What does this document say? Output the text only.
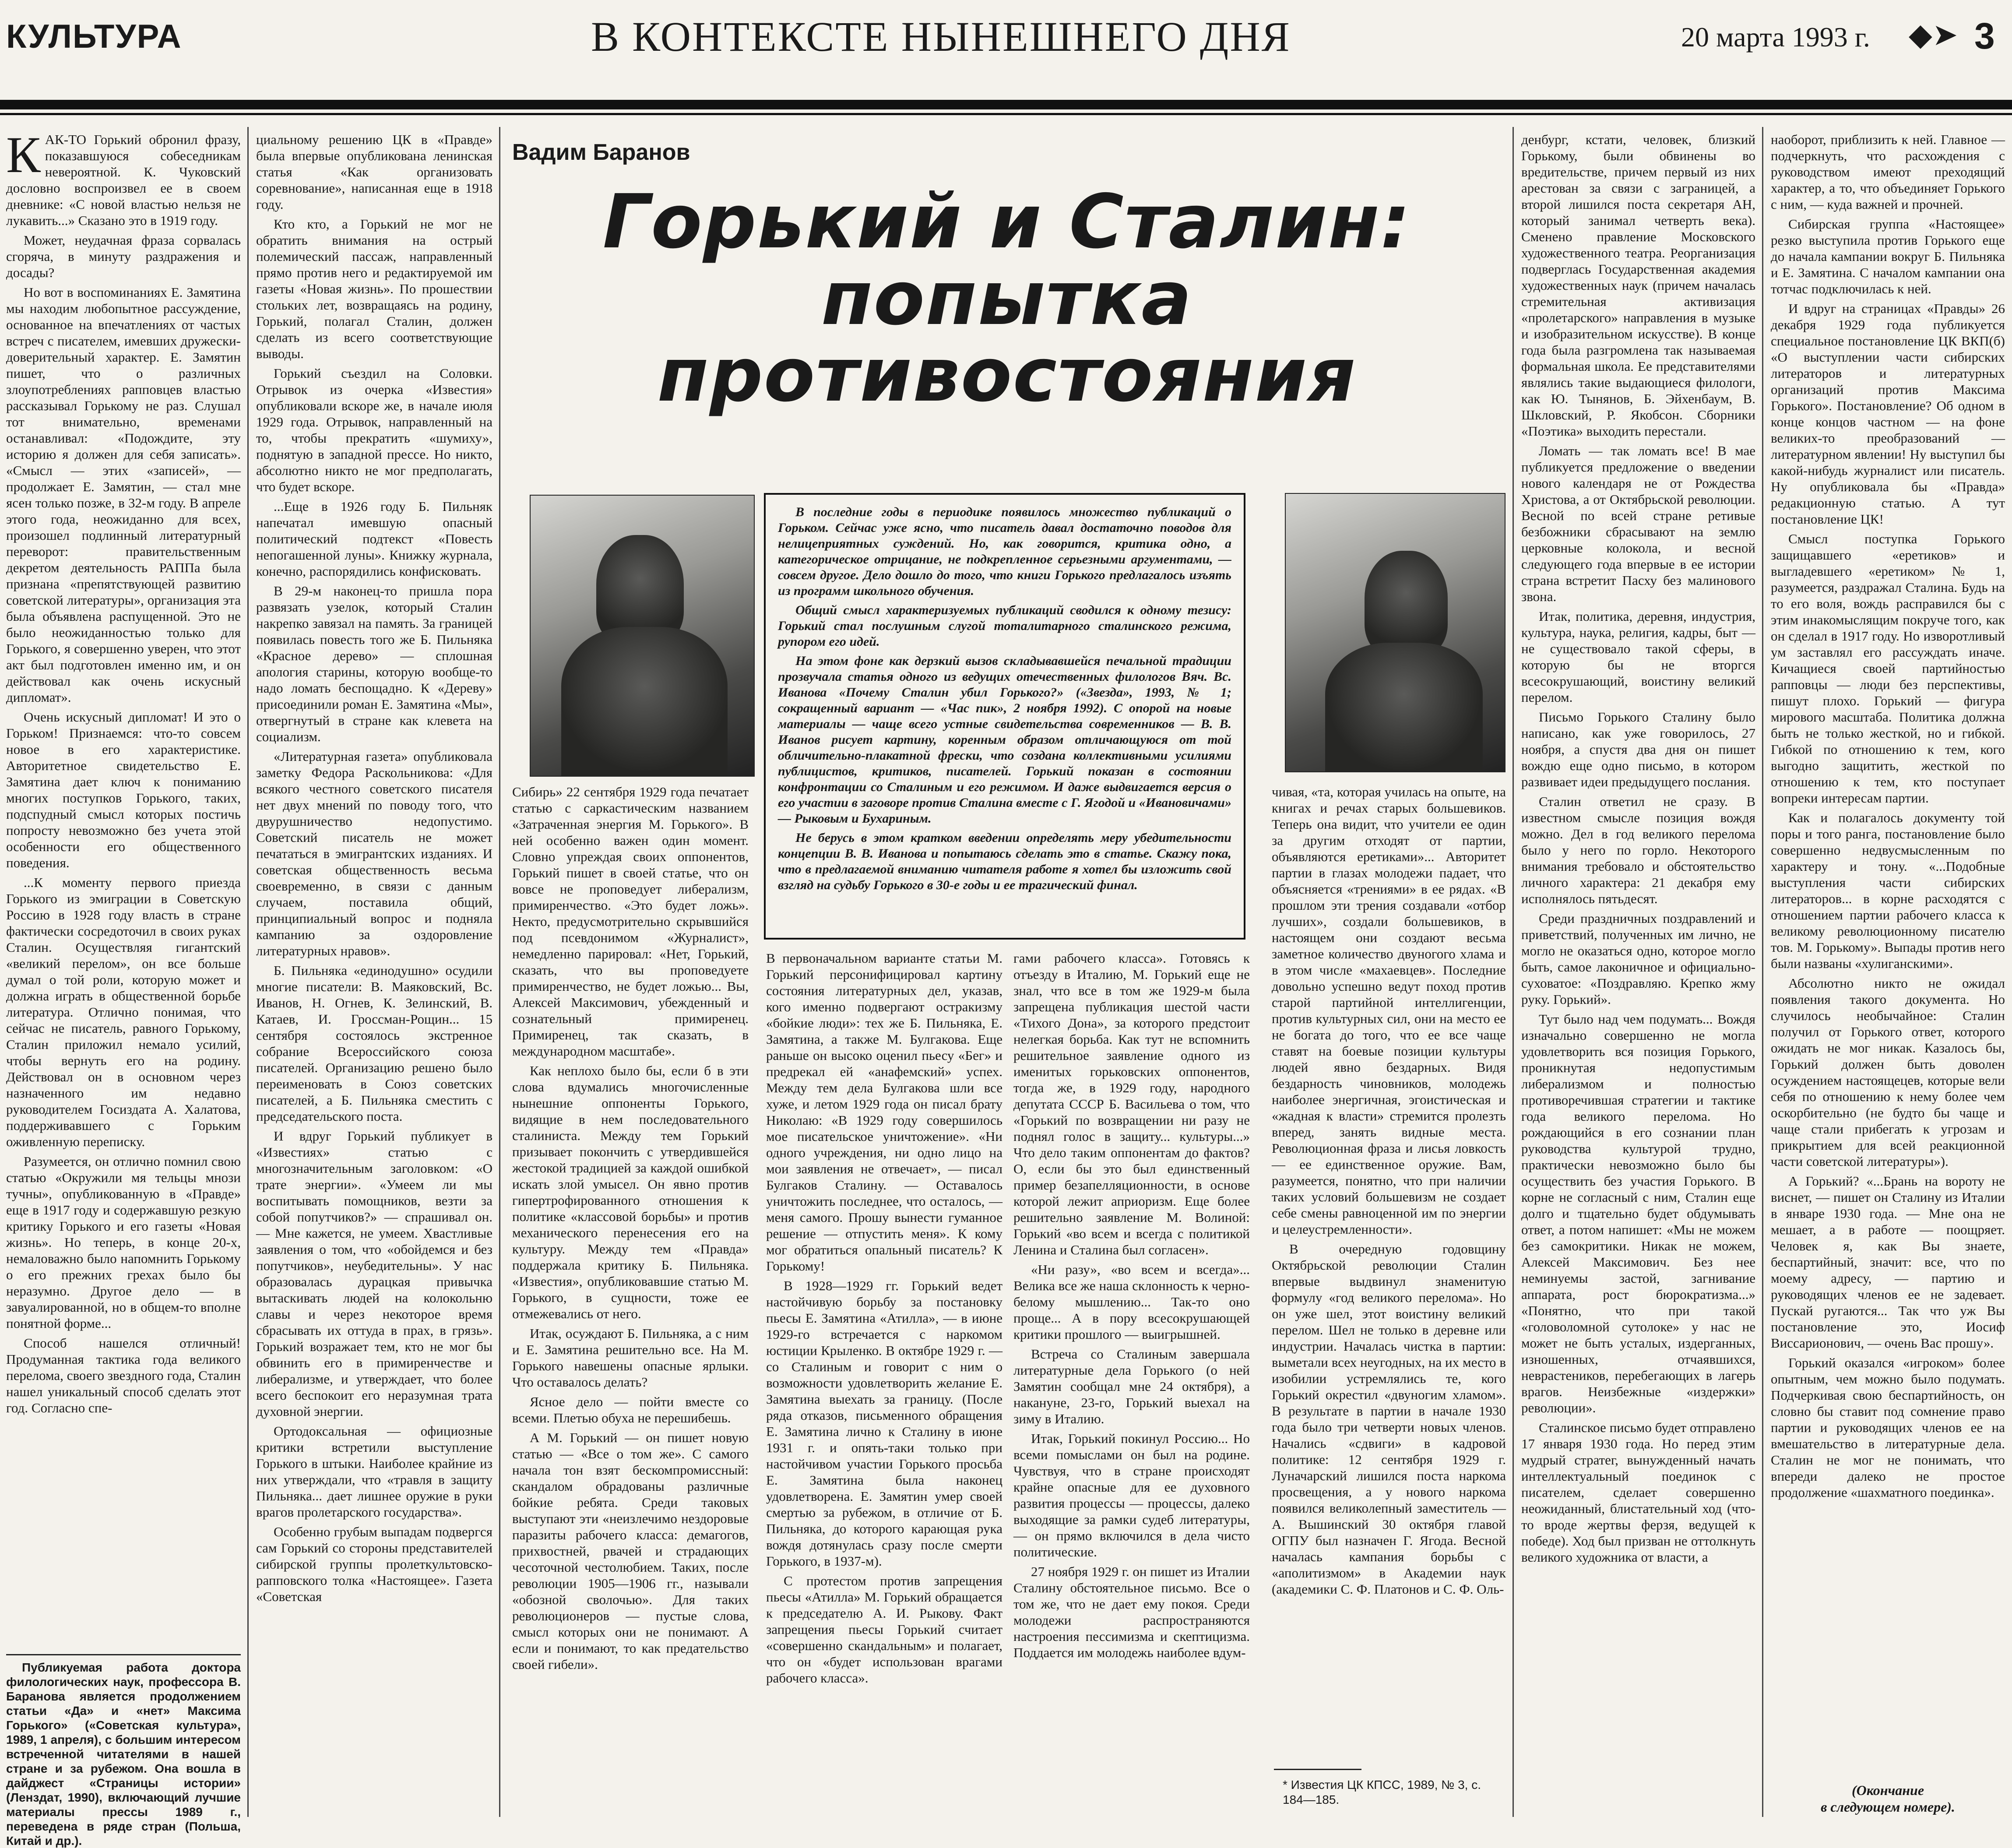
КУЛЬТУРА	В КОНТЕКСТЕ НЫНЕШНЕГО ДНЯ	20 марта 1993 г. ◆➤ 3
Вадим Баранов
Горький и Сталин:
попытка
противостояния

В последние годы в периодике появилось множество публикаций о Горьком. Сейчас уже ясно, что писатель давал достаточно поводов для нелицеприятных суждений. Но, как говорится, критика одно, а категорическое отрицание, не подкрепленное серьезными аргументами, — совсем другое. Дело дошло до того, что книги Горького предлагалось изъять из программ школьного обучения.

Общий смысл характеризуемых публикаций сводился к одному тезису: Горький стал послушным слугой тоталитарного сталинского режима, рупором его идей.

На этом фоне как дерзкий вызов складывавшейся печальной традиции прозвучала статья одного из ведущих отечественных филологов Вяч. Вс. Иванова «Почему Сталин убил Горького?» («Звезда», 1993, № 1; сокращенный вариант — «Час пик», 2 ноября 1992). С опорой на новые материалы — чаще всего устные свидетельства современников — В. В. Иванов рисует картину, коренным образом отличающуюся от той обличительно-плакатной фрески, что создана коллективными усилиями публицистов, критиков, писателей. Горький показан в состоянии конфронтации со Сталиным и его режимом. И даже выдвигается версия о его участии в заговоре против Сталина вместе с Г. Ягодой и «Ивановичами» — Рыковым и Бухариным.

Не берусь в этом кратком введении определять меру убедительности концепции В. В. Иванова и попытаюсь сделать это в статье. Скажу пока, что в предлагаемой вниманию читателя работе я хотел бы изложить свой взгляд на судьбу Горького в 30-е годы и ее трагический финал.

К АК-ТО Горький обронил фразу, показавшуюся собеседникам невероятной. К. Чуковский дословно воспроизвел ее в своем дневнике: «С новой властью нельзя не лукавить...» Сказано это в 1919 году.

Может, неудачная фраза сорвалась сгоряча, в минуту раздражения и досады?

Но вот в воспоминаниях Е. Замятина мы находим любопытное рассуждение, основанное на впечатлениях от частых встреч с писателем, имевших дружески-доверительный характер. Е. Замятин пишет, что о различных злоупотреблениях рапповцев властью рассказывал Горькому не раз. Слушал тот внимательно, временами останавливал: «Подождите, эту историю я должен для себя записать». «Смысл — этих «записей», — продолжает Е. Замятин, — стал мне ясен только позже, в 32-м году. В апреле этого года, неожиданно для всех, произошел подлинный литературный переворот: правительственным декретом деятельность РАППа была признана «препятствующей развитию советской литературы», организация эта была объявлена распущенной. Это не было неожиданностью только для Горького, я совершенно уверен, что этот акт был подготовлен именно им, и он действовал как очень искусный дипломат».

Очень искусный дипломат! И это о Горьком! Признаемся: что-то совсем новое в его характеристике. Авторитетное свидетельство Е. Замятина дает ключ к пониманию многих поступков Горького, таких, подспудный смысл которых постичь попросту невозможно без учета этой особенности его общественного поведения.

...К моменту первого приезда Горького из эмиграции в Советскую Россию в 1928 году власть в стране фактически сосредоточил в своих руках Сталин. Осуществляя гигантский «великий перелом», он все больше думал о той роли, которую может и должна играть в общественной борьбе литература. Отлично понимая, что сейчас не писатель, равного Горькому, Сталин приложил немало усилий, чтобы вернуть его на родину. Действовал он в основном через назначенного им недавно руководителем Госиздата А. Халатова, поддерживавшего с Горьким оживленную переписку.

Разумеется, он отлично помнил свою статью «Окружили мя тельцы мнози тучны», опубликованную в «Правде» еще в 1917 году и содержавшую резкую критику Горького и его газеты «Новая жизнь». Но теперь, в конце 20-х, немаловажно было напомнить Горькому о его прежних грехах было бы неразумно. Другое дело — в завуалированной, но в общем-то вполне понятной форме...

Способ нашелся отличный! Продуманная тактика года великого перелома, своего звездного года, Сталин нашел уникальный способ сделать этот год. Согласно спе-

Публикуемая работа доктора филологических наук, профессора В. Баранова является продолжением статьи «Да» и «нет» Максима Горького» («Советская культура», 1989, 1 апреля), с большим интересом встреченной читателями в нашей стране и за рубежом. Она вошла в дайджест «Страницы истории» (Ленздат, 1990), включающий лучшие материалы прессы 1989 г., переведена в ряде стран (Польша, Китай и др.).

циальному решению ЦК в «Правде» была впервые опубликована ленинская статья «Как организовать соревнование», написанная еще в 1918 году.

Кто кто, а Горький не мог не обратить внимания на острый полемический пассаж, направленный прямо против него и редактируемой им газеты «Новая жизнь». По прошествии стольких лет, возвращаясь на родину, Горький, полагал Сталин, должен сделать из всего соответствующие выводы.

Горький съездил на Соловки. Отрывок из очерка «Известия» опубликовали вскоре же, в начале июля 1929 года. Отрывок, направленный на то, чтобы прекратить «шумиху», поднятую в западной прессе. Но никто, абсолютно никто не мог предполагать, что будет вскоре.

...Еще в 1926 году Б. Пильняк напечатал имевшую опасный политический подтекст «Повесть непогашенной луны». Книжку журнала, конечно, распорядились конфисковать.

В 29-м наконец-то пришла пора развязать узелок, который Сталин накрепко завязал на память. За границей появилась повесть того же Б. Пильняка «Красное дерево» — сплошная апология старины, которую вообще-то надо ломать беспощадно. К «Дереву» присоединили роман Е. Замятина «Мы», отвергнутый в стране как клевета на социализм.

«Литературная газета» опубликовала заметку Федора Раскольникова: «Для всякого честного советского писателя нет двух мнений по поводу того, что двурушничество недопустимо. Советский писатель не может печататься в эмигрантских изданиях. И советская общественность весьма своевременно, в связи с данным случаем, поставила общий, принципиальный вопрос и подняла кампанию за оздоровление литературных нравов».

Б. Пильняка «единодушно» осудили многие писатели: В. Маяковский, Вс. Иванов, Н. Огнев, К. Зелинский, В. Катаев, И. Гроссман-Рощин... 15 сентября состоялось экстренное собрание Всероссийского союза писателей. Организацию решено было переименовать в Союз советских писателей, а Б. Пильняка сместить с председательского поста.

И вдруг Горький публикует в «Известиях» статью с многозначительным заголовком: «О трате энергии». «Умеем ли мы воспитывать помощников, везти за собой попутчиков?» — спрашивал он. — Мне кажется, не умеем. Хвастливые заявления о том, что «обойдемся и без попутчиков», неубедительны». У нас образовалась дурацкая привычка вытаскивать людей на колокольню славы и через некоторое время сбрасывать их оттуда в прах, в грязь». Горький возражает тем, кто не мог бы обвинить его в примиренчестве и либерализме, и утверждает, что более всего беспокоит его неразумная трата духовной энергии.

Ортодоксальная — официозные критики встретили выступление Горького в штыки. Наиболее крайние из них утверждали, что «травля в защиту Пильняка... дает лишнее оружие в руки врагов пролетарского государства».

Особенно грубым выпадам подвергся сам Горький со стороны представителей сибирской группы пролеткультовско-рапповского толка «Настоящее». Газета «Советская

Сибирь» 22 сентября 1929 года печатает статью с саркастическим названием «Затраченная энергия М. Горького». В ней особенно важен один момент. Словно упреждая своих оппонентов, Горький пишет в своей статье, что он вовсе не проповедует либерализм, примиренчество. «Это будет ложь». Некто, предусмотрительно скрывшийся под псевдонимом «Журналист», немедленно парировал: «Нет, Горький, сказать, что вы проповедуете примиренчество, не будет ложью... Вы, Алексей Максимович, убежденный и сознательный примиренец. Примиренец, так сказать, в международном масштабе».

Как неплохо было бы, если б в эти слова вдумались многочисленные нынешние оппоненты Горького, видящие в нем последовательного сталиниста. Между тем Горький призывает покончить с утвердившейся жестокой традицией за каждой ошибкой искать злой умысел. Он явно против гипертрофированного отношения к политике «классовой борьбы» и против механического перенесения его на культуру. Между тем «Правда» поддержала критику Б. Пильняка. «Известия», опубликовавшие статью М. Горького, в сущности, тоже ее отмежевались от него.

Итак, осуждают Б. Пильняка, а с ним и Е. Замятина решительно все. На М. Горького навешены опасные ярлыки. Что оставалось делать?

Ясное дело — пойти вместе со всеми. Плетью обуха не перешибешь.

А М. Горький — он пишет новую статью — «Все о том же». С самого начала тон взят бескомпромиссный: скандалом обрадованы различные бойкие ребята. Среди таковых выступают эти «неизлечимо нездоровые паразиты рабочего класса: демагогов, прихвостней, рвачей и страдающих чесоточной честолюбием. Таких, после революции 1905—1906 гг., называли «обозной сволочью». Для таких революционеров — пустые слова, смысл которых они не понимают. А если и понимают, то как предательство своей гибели».

В первоначальном варианте статьи М. Горький персонифицировал картину состояния литературных дел, указав, кого именно подвергают остракизму «бойкие люди»: тех же Б. Пильняка, Е. Замятина, а также М. Булгакова. Еще раньше он высоко оценил пьесу «Бег» и предрекал ей «анафемский» успех. Между тем дела Булгакова шли все хуже, и летом 1929 года он писал брату Николаю: «В 1929 году совершилось мое писательское уничтожение». «Ни одного учреждения, ни одно лицо на мои заявления не отвечает», — писал Булгаков Сталину. — Оставалось уничтожить последнее, что осталось, — меня самого. Прошу вынести гуманное решение — отпустить меня». К кому мог обратиться опальный писатель? К Горькому!

В 1928—1929 гг. Горький ведет настойчивую борьбу за постановку пьесы Е. Замятина «Атилла», — в июне 1929-го встречается с наркомом юстиции Крыленко. В октябре 1929 г. — со Сталиным и говорит с ним о возможности удовлетворить желание Е. Замятина выехать за границу. (После ряда отказов, письменного обращения Е. Замятина лично к Сталину в июне 1931 г. и опять-таки только при настойчивом участии Горького просьба Е. Замятина была наконец удовлетворена. Е. Замятин умер своей смертью за рубежом, в отличие от Б. Пильняка, до которого карающая рука вождя дотянулась сразу после смерти Горького, в 1937-м).

С протестом против запрещения пьесы «Атилла» М. Горький обращается к председателю А. И. Рыкову. Факт запрещения пьесы Горький считает «совершенно скандальным» и полагает, что он «будет использован врагами рабочего класса».

гами рабочего класса». Готовясь к отъезду в Италию, М. Горький еще не знал, что все в том же 1929-м была запрещена публикация шестой части «Тихого Дона», за которого предстоит нелегкая борьба. Как тут не вспомнить решительное заявление одного из именитых горьковских оппонентов, тогда же, в 1929 году, народного депутата СССР Б. Васильева о том, что «Горький по возвращении ни разу не поднял голос в защиту... культуры...» Что дело таким оппонентам до фактов? О, если бы это был единственный пример безапелляционности, в основе которой лежит априоризм. Еще более решительно заявление М. Волиной: Горький «во всем и всегда с политикой Ленина и Сталина был согласен».

«Ни разу», «во всем и всегда»... Велика все же наша склонность к черно-белому мышлению... Так-то оно проще... А в пору всесокрушающей критики прошлого — выигрышней.

Встреча со Сталиным завершала литературные дела Горького (о ней Замятин сообщал мне 24 октября), а накануне, 23-го, Горький выехал на зиму в Италию.

Итак, Горький покинул Россию... Но всеми помыслами он был на родине. Чувствуя, что в стране происходят крайне опасные для ее духовного развития процессы — процессы, далеко выходящие за рамки судеб литературы, — он прямо включился в дела чисто политические.

27 ноября 1929 г. он пишет из Италии Сталину обстоятельное письмо. Все о том же, что не дает ему покоя. Среди молодежи распространяются настроения пессимизма и скептицизма. Поддается им молодежь наиболее вдум-

чивая, «та, которая училась на опыте, на книгах и речах старых большевиков. Теперь она видит, что учители ее один за другим отходят от партии, объявляются еретиками»... Авторитет партии в глазах молодежи падает, что объясняется «трениями» в ее рядах. «В прошлом эти трения создавали «отбор лучших», создали большевиков, в настоящем они создают весьма заметное количество двуногого хлама и в этом числе «махаевцев». Последние довольно успешно ведут поход против старой партийной интеллигенции, против культурных сил, они на место ее не богата до того, что ее все чаще ставят на боевые позиции культуры людей явно бездарных. Видя бездарность чиновников, молодежь наиболее энергичная, эгоистическая и «жадная к власти» стремится пролезть вперед, занять видные места. Революционная фраза и лисья ловкость — ее единственное оружие. Вам, разумеется, понятно, что при наличии таких условий большевизм не создает себе смены равноценной им по энергии и целеустремленности».

В очередную годовщину Октябрьской революции Сталин впервые выдвинул знаменитую формулу «год великого перелома». Но он уже шел, этот воистину великий перелом. Шел не только в деревне или индустрии. Началась чистка в партии: выметали всех неугодных, на их место в изобилии устремлялись те, кого Горький окрестил «двуногим хламом». В результате в партии в начале 1930 года было три четверти новых членов. Начались «сдвиги» в кадровой политике: 12 сентября 1929 г. Луначарский лишился поста наркома просвещения, а у нового наркома появился великолепный заместитель — А. Вышинский 30 октября главой ОГПУ был назначен Г. Ягода. Весной началась кампания борьбы с «аполитизмом» в Академии наук (академики С. Ф. Платонов и С. Ф. Оль-

* Известия ЦК КПСС, 1989, № 3, с. 184—185.

денбург, кстати, человек, близкий Горькому, были обвинены во вредительстве, причем первый из них арестован за связи с заграницей, а второй лишился поста секретаря АН, который занимал четверть века). Сменено правление Московского художественного театра. Реорганизация подверглась Государственная академия художественных наук (причем началась стремительная активизация «пролетарского» направления в музыке и изобразительном искусстве). В конце года была разгромлена так называемая формальная школа. Ее представителями являлись такие выдающиеся филологи, как Ю. Тынянов, Б. Эйхенбаум, В. Шкловский, Р. Якобсон. Сборники «Поэтика» выходить перестали.

Ломать — так ломать все! В мае публикуется предложение о введении нового календаря не от Рождества Христова, а от Октябрьской революции. Весной по всей стране ретивые безбожники сбрасывают на землю церковные колокола, и весной следующего года впервые в ее истории страна встретит Пасху без малинового звона.

Итак, политика, деревня, индустрия, культура, наука, религия, кадры, быт — не существовало такой сферы, в которую бы не вторгся всесокрушающий, воистину великий перелом.

Письмо Горького Сталину было написано, как уже говорилось, 27 ноября, а спустя два дня он пишет вождю еще одно письмо, в котором развивает идеи предыдущего послания.

Сталин ответил не сразу. В известном смысле позиция вождя можно. Дел в год великого перелома было у него по горло. Некоторого внимания требовало и обстоятельство личного характера: 21 декабря ему исполнялось пятьдесят.

Среди праздничных поздравлений и приветствий, полученных им лично, не могло не оказаться одно, которое могло быть, самое лаконичное и официально-суховатое: «Поздравляю. Крепко жму руку. Горький».

Тут было над чем подумать... Вождя изначально совершенно не могла удовлетворить вся позиция Горького, проникнутая недопустимым либерализмом и полностью противоречившая стратегии и тактике года великого перелома. Но рождающийся в его сознании план руководства культурой трудно, практически невозможно было бы осуществить без участия Горького. В корне не согласный с ним, Сталин еще долго и тщательно будет обдумывать ответ, а потом напишет: «Мы не можем без самокритики. Никак не можем, Алексей Максимович. Без нее неминуемы застой, загнивание аппарата, рост бюрократизма...» «Понятно, что при такой «головоломной сутолоке» у нас не может не быть усталых, издерганных, изношенных, отчаявшихся, неврастеников, перебегающих в лагерь врагов. Неизбежные «издержки» революции».

Сталинское письмо будет отправлено 17 января 1930 года. Но перед этим мудрый стратег, вынужденный начать интеллектуальный поединок с писателем, сделает совершенно неожиданный, блистательный ход (что-то вроде жертвы ферзя, ведущей к победе). Ход был призван не оттолкнуть великого художника от власти, а

наоборот, приблизить к ней. Главное — подчеркнуть, что расхождения с руководством имеют преходящий характер, а то, что объединяет Горького с ним, — куда важней и прочней.

Сибирская группа «Настоящее» резко выступила против Горького еще до начала кампании вокруг Б. Пильняка и Е. Замятина. С началом кампании она тотчас подключилась к ней.

И вдруг на страницах «Правды» 26 декабря 1929 года публикуется специальное постановление ЦК ВКП(б) «О выступлении части сибирских литераторов и литературных организаций против Максима Горького». Постановление? Об одном в конце концов частном — на фоне великих-то преобразований — литературном явлении! Ну выступил бы какой-нибудь журналист или писатель. Ну опубликовала бы «Правда» редакционную статью. А тут постановление ЦК!

Смысл поступка Горького защищавшего «еретиков» и выгладевшего «еретиком» № 1, разумеется, раздражал Сталина. Будь на то его воля, вождь расправился бы с этим инакомыслящим покруче того, как он сделал в 1917 году. Но изворотливый ум заставлял его рассуждать иначе. Кичащиеся своей партийностью рапповцы — люди без перспективы, пишут плохо. Горький — фигура мирового масштаба. Политика должна быть не только жесткой, но и гибкой. Гибкой по отношению к тем, кого выгодно защитить, жесткой по отношению к тем, кто поступает вопреки интересам партии.

Как и полагалось документу той поры и того ранга, постановление было совершенно недвусмысленным по характеру и тону. «...Подобные выступления части сибирских литераторов... в корне расходятся с отношением партии рабочего класса к великому революционному писателю тов. М. Горькому». Выпады против него были названы «хулиганскими».

Абсолютно никто не ожидал появления такого документа. Но случилось необычайное: Сталин получил от Горького ответ, которого ожидать не мог никак. Казалось бы, Горький должен быть доволен осуждением настоящецев, которые вели себя по отношению к нему более чем оскорбительно (не будто бы чаще и чаще стали прибегать к угрозам и прикрытием для всей реакционной части советской литературы»).

А Горький? «...Брань на вороту не виснет, — пишет он Сталину из Италии в январе 1930 года. — Мне она не мешает, а в работе — поощряет. Человек я, как Вы знаете, беспартийный, значит: все, что по моему адресу, — партию и руководящих членов ее не задевает. Пускай ругаются... Так что уж Вы постановление это, Иосиф Виссарионович, — очень Вас прошу».

Горький оказался «игроком» более опытным, чем можно было подумать. Подчеркивая свою беспартийность, он словно бы ставит под сомнение право партии и руководящих членов ее на вмешательство в литературные дела. Сталин не мог не понимать, что впереди далеко не простое продолжение «шахматного поединка».

(Окончание
в следующем номере).
